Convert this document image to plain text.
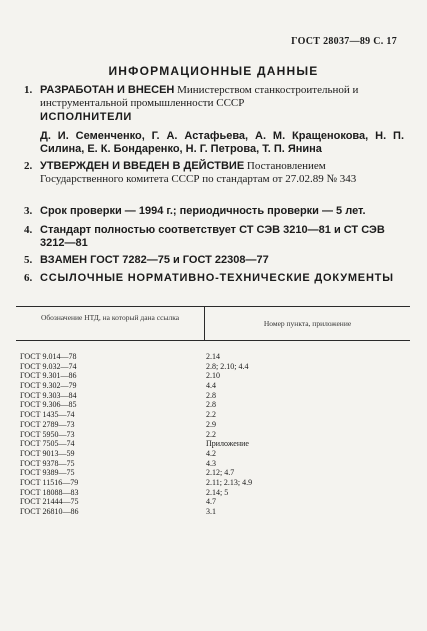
ГОСТ 28037—89 С. 17
ИНФОРМАЦИОННЫЕ ДАННЫЕ
1. РАЗРАБОТАН И ВНЕСЕН Министерством станкостроительной и инструментальной промышленности СССР
ИСПОЛНИТЕЛИ
Д. И. Семенченко, Г. А. Астафьева, А. М. Кращенокова, Н. П. Силина, Е. К. Бондаренко, Н. Г. Петрова, Т. П. Янина
2. УТВЕРЖДЕН И ВВЕДЕН В ДЕЙСТВИЕ Постановлением Государственного комитета СССР по стандартам от 27.02.89 № 343
3. Срок проверки — 1994 г.; периодичность проверки — 5 лет.
4. Стандарт полностью соответствует СТ СЭВ 3210—81 и СТ СЭВ 3212—81
5. ВЗАМЕН ГОСТ 7282—75 и ГОСТ 22308—77
6. ССЫЛОЧНЫЕ НОРМАТИВНО-ТЕХНИЧЕСКИЕ ДОКУМЕНТЫ
Обозначение НТД, на который дана ссылка
Номер пункта, приложение
ГОСТ 9.014—78	2.14
ГОСТ 9.032—74	2.8; 2.10; 4.4
ГОСТ 9.301—86	2.10
ГОСТ 9.302—79	4.4
ГОСТ 9.303—84	2.8
ГОСТ 9.306—85	2.8
ГОСТ 1435—74	2.2
ГОСТ 2789—73	2.9
ГОСТ 5950—73	2.2
ГОСТ 7505—74	Приложение
ГОСТ 9013—59	4.2
ГОСТ 9378—75	4.3
ГОСТ 9389—75	2.12; 4.7
ГОСТ 11516—79	2.11; 2.13; 4.9
ГОСТ 18088—83	2.14; 5
ГОСТ 21444—75	4.7
ГОСТ 26810—86	3.1
